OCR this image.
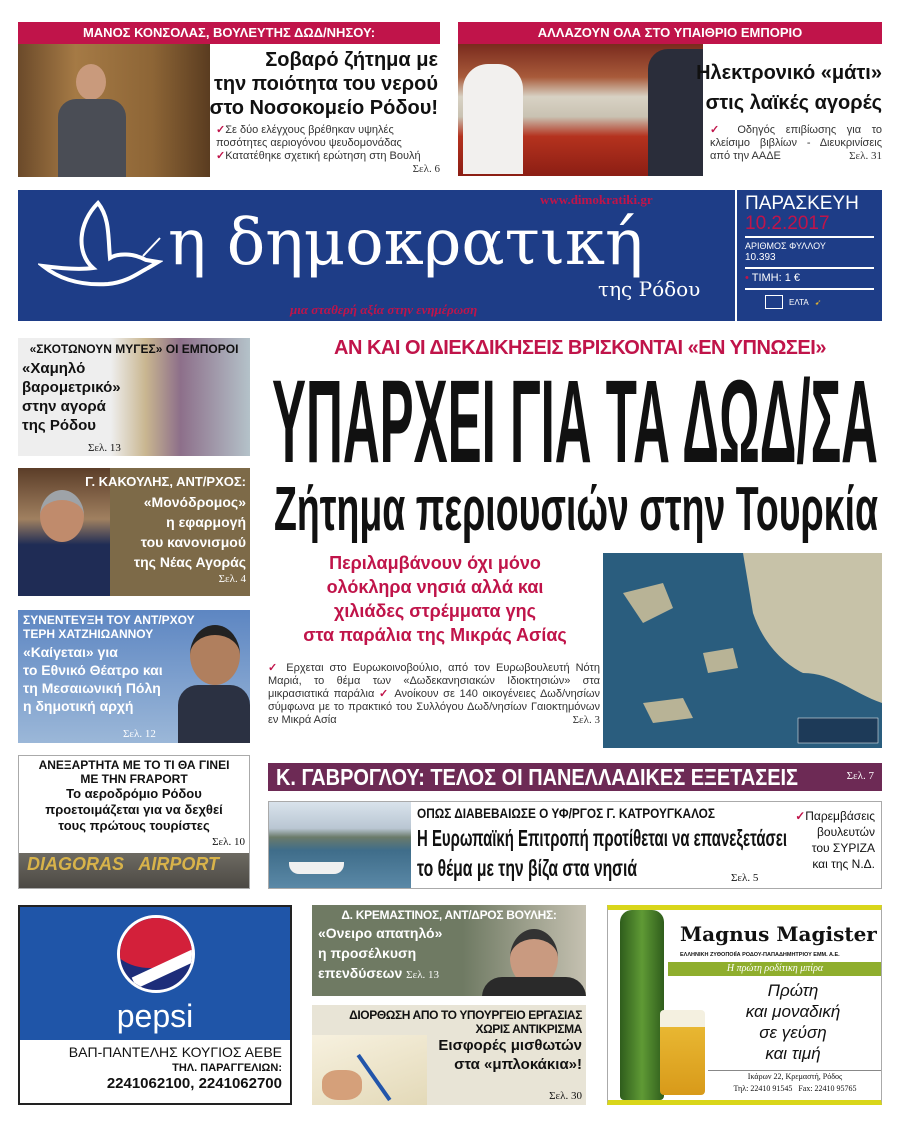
ΜΑΝΟΣ ΚΟΝΣΟΛΑΣ, ΒΟΥΛΕΥΤΗΣ ΔΩΔ/ΝΗΣΟΥ:
Σοβαρό ζήτημα με
την ποιότητα του νερού
στο Νοσοκομείο Ρόδου!
✓Σε δύο ελέγχους βρέθηκαν υψηλές ποσότητες αεριογόνου ψευδομονάδας ✓Κατατέθηκε σχετική ερώτηση στη Βουλή
Σελ. 6
ΑΛΛΑΖΟΥΝ ΟΛΑ ΣΤΟ ΥΠΑΙΘΡΙΟ ΕΜΠΟΡΙΟ
Ηλεκτρονικό «μάτι»
στις λαϊκές αγορές
✓ Οδηγός επιβίωσης για το κλείσιμο βιβλίων - Διευκρινίσεις από την ΑΑΔΕ	Σελ. 31
η δημοκρατική
της Ρόδου
www.dimokratiki.gr
μια σταθερή αξία στην ενημέρωση
ΠΑΡΑΣΚΕΥΗ
10.2.2017
ΑΡΙΘΜΟΣ ΦΥΛΛΟΥ
10.393
• ΤΙΜΗ: 1 €
ΕΛΤΑ ➹
«ΣΚΟΤΩΝΟΥΝ ΜΥΓΕΣ» ΟΙ ΕΜΠΟΡΟΙ
«Χαμηλό
βαρομετρικό»
στην αγορά
της Ρόδου
Σελ. 13
Γ. ΚΑΚΟΥΛΗΣ, ΑΝΤ/ΡΧΟΣ:
«Μονόδρομος»
η εφαρμογή
του κανονισμού
της Νέας Αγοράς
Σελ. 4
ΣΥΝΕΝΤΕΥΞΗ ΤΟΥ ΑΝΤ/ΡΧΟΥ
ΤΕΡΗ ΧΑΤΖΗΙΩΑΝΝΟΥ
«Καίγεται» για
το Εθνικό Θέατρο και
τη Μεσαιωνική Πόλη
η δημοτική αρχή
Σελ. 12
ΑΝΕΞΑΡΤΗΤΑ ΜΕ ΤΟ ΤΙ ΘΑ ΓΙΝΕΙ
ΜΕ ΤΗΝ FRAPORT
Το αεροδρόμιο Ρόδου
προετοιμάζεται για να δεχθεί
τους πρώτους τουρίστες
Σελ. 10
DIAGORAS   AIRPORT
ΑΝ ΚΑΙ ΟΙ ΔΙΕΚΔΙΚΗΣΕΙΣ ΒΡΙΣΚΟΝΤΑΙ «ΕΝ ΥΠΝΩΣΕΙ»
ΥΠΑΡΧΕΙ ΓΙΑ ΤΑ ΔΩΔ/ΣΑ
Ζήτημα περιουσιών στην Τουρκία
Περιλαμβάνουν όχι μόνο
ολόκληρα νησιά αλλά και
χιλιάδες στρέμματα γης
στα παράλια της Μικράς Ασίας
✓ Ερχεται στο Ευρωκοινοβούλιο, από τον Ευρωβουλευτή Νότη Μαριά, το θέμα των «Δωδεκανησιακών Ιδιοκτησιών» στα μικρασιατικά παράλια ✓ Ανοίκουν σε 140 οικογένειες Δωδ/νησίων σύμφωνα με το πρακτικό του Συλλόγου Δωδ/νησίων Γαιοκτημόνων εν Μικρά Ασία	Σελ. 3
Κ. ΓΑΒΡΟΓΛΟΥ: ΤΕΛΟΣ ΟΙ ΠΑΝΕΛΛΑΔΙΚΕΣ ΕΞΕΤΑΣΕΙΣ	Σελ. 7
ΟΠΩΣ ΔΙΑΒΕΒΑΙΩΣΕ Ο ΥΦ/ΡΓΟΣ Γ. ΚΑΤΡΟΥΓΚΑΛΟΣ
Η Ευρωπαϊκή Επιτροπή προτίθεται να επανεξετάσει
το θέμα με την βίζα στα νησιά	Σελ. 5
✓Παρεμβάσεις
βουλευτών
του ΣΥΡΙΖΑ
και της Ν.Δ.
pepsi
ΒΑΠ-ΠΑΝΤΕΛΗΣ ΚΟΥΓΙΟΣ ΑΕΒΕ
ΤΗΛ. ΠΑΡΑΓΓΕΛΙΩΝ:
2241062100, 2241062700
Δ. ΚΡΕΜΑΣΤΙΝΟΣ, ΑΝΤ/ΔΡΟΣ ΒΟΥΛΗΣ:
«Ονειρο απατηλό»
η προσέλκυση
επενδύσεων Σελ. 13
ΔΙΟΡΘΩΣΗ ΑΠΟ ΤΟ ΥΠΟΥΡΓΕΙΟ ΕΡΓΑΣΙΑΣ
ΧΩΡΙΣ ΑΝΤΙΚΡΙΣΜΑ
Εισφορές μισθωτών
στα «μπλοκάκια»!
Σελ. 30
Magnus Magister
ΕΛΛΗΝΙΚΗ ΖΥΘΟΠΟΙΪΑ ΡΟΔΟΥ-ΠΑΠΑΔΗΜΗΤΡΙΟΥ ΕΜΜ. Α.Ε.
Η πρώτη ροδίτικη μπίρα
Πρώτη
και μοναδική
σε γεύση
και τιμή
Ικάρων 22, Κρεμαστή, Ρόδος
Τηλ: 22410 91545   Fax: 22410 95765
